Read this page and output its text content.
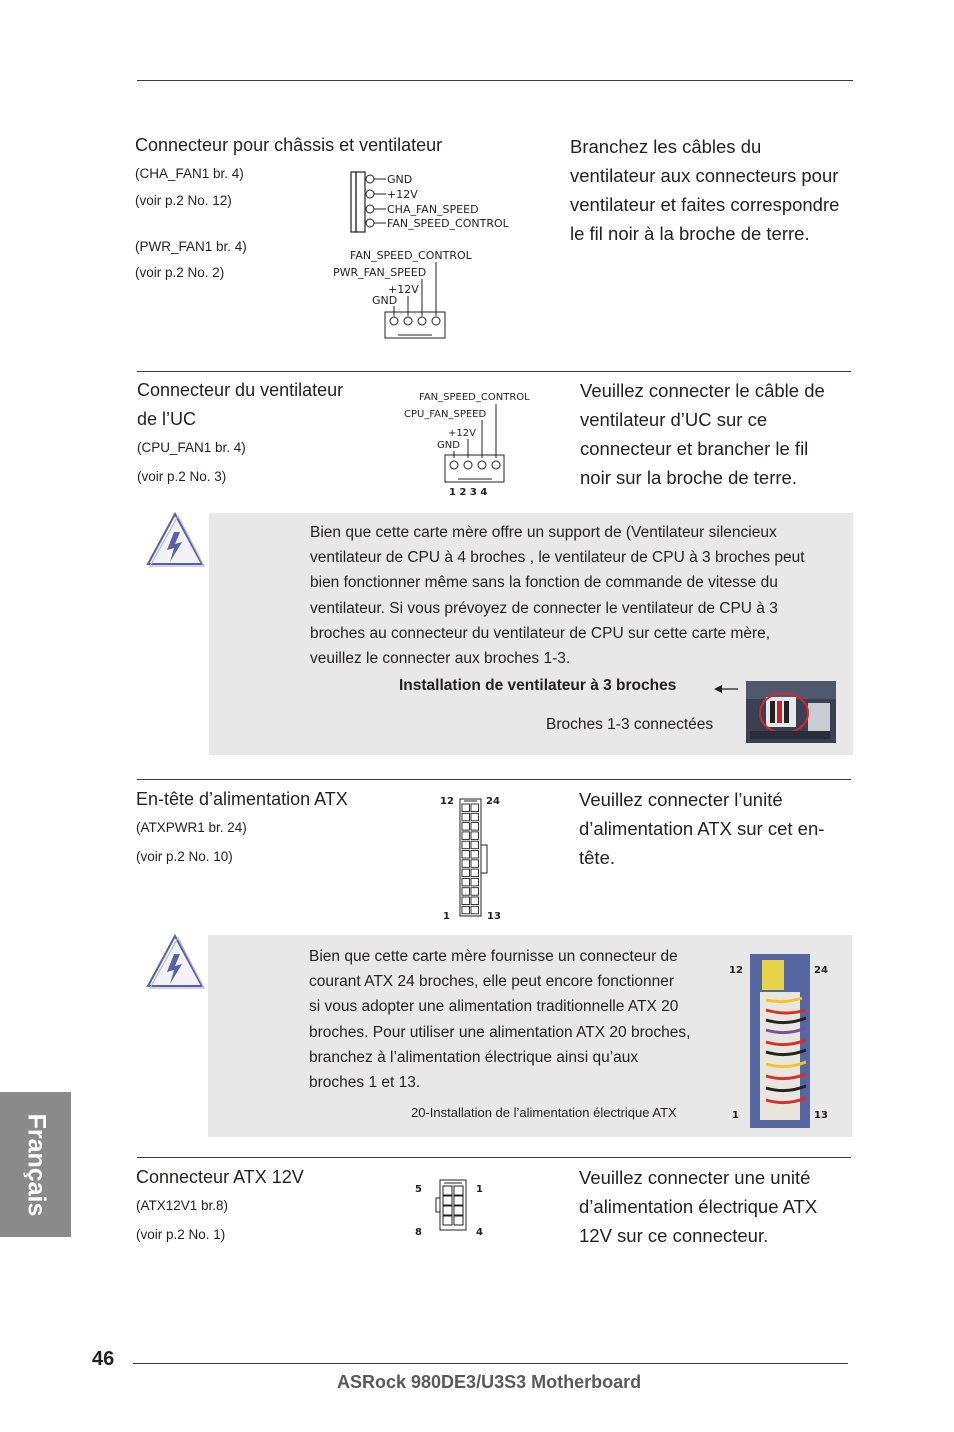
Connecteur pour châssis et ventilateur
(CHA_FAN1 br. 4)
(voir p.2 No. 12)
(PWR_FAN1 br. 4)
(voir p.2 No. 2)
GND
+12V
CHA_FAN_SPEED
FAN_SPEED_CONTROL
FAN_SPEED_CONTROL
PWR_FAN_SPEED
+12V
GND
Branchez les câbles du
ventilateur aux connecteurs pour
ventilateur et faites correspondre
le fil noir à la broche de terre.
Connecteur du ventilateur
de l’UC
(CPU_FAN1 br. 4)
(voir p.2 No. 3)
FAN_SPEED_CONTROL
CPU_FAN_SPEED
+12V
GND
1 2 3 4
Veuillez connecter le câble de
ventilateur d’UC sur ce
connecteur et brancher le fil
noir sur la broche de terre.
Bien que cette carte mère offre un support de (Ventilateur silencieux
ventilateur de CPU à 4 broches , le ventilateur de CPU à 3 broches peut
bien fonctionner même sans la fonction de commande de vitesse du
ventilateur. Si vous prévoyez de connecter le ventilateur de CPU à 3
broches au connecteur du ventilateur de CPU sur cette carte mère,
veuillez le connecter aux broches 1-3.
Installation de ventilateur à 3 broches
Broches 1-3 connectées
En-tête d’alimentation ATX
(ATXPWR1 br. 24)
(voir p.2 No. 10)
12	24
1	13
Veuillez connecter l’unité
d’alimentation ATX sur cet en-
tête.
Bien que cette carte mère fournisse un connecteur de
courant ATX 24 broches, elle peut encore fonctionner
si vous adopter une alimentation traditionnelle ATX 20
broches. Pour utiliser une alimentation ATX 20 broches,
branchez à l’alimentation électrique ainsi qu’aux
broches 1 et 13.
20-Installation de l’alimentation électrique ATX
12	24
1	13
Connecteur ATX 12V
(ATX12V1 br.8)
(voir p.2 No. 1)
5	1
8	4
Veuillez connecter une unité
d’alimentation électrique ATX
12V sur ce connecteur.
Français
46
ASRock 980DE3/U3S3 Motherboard
